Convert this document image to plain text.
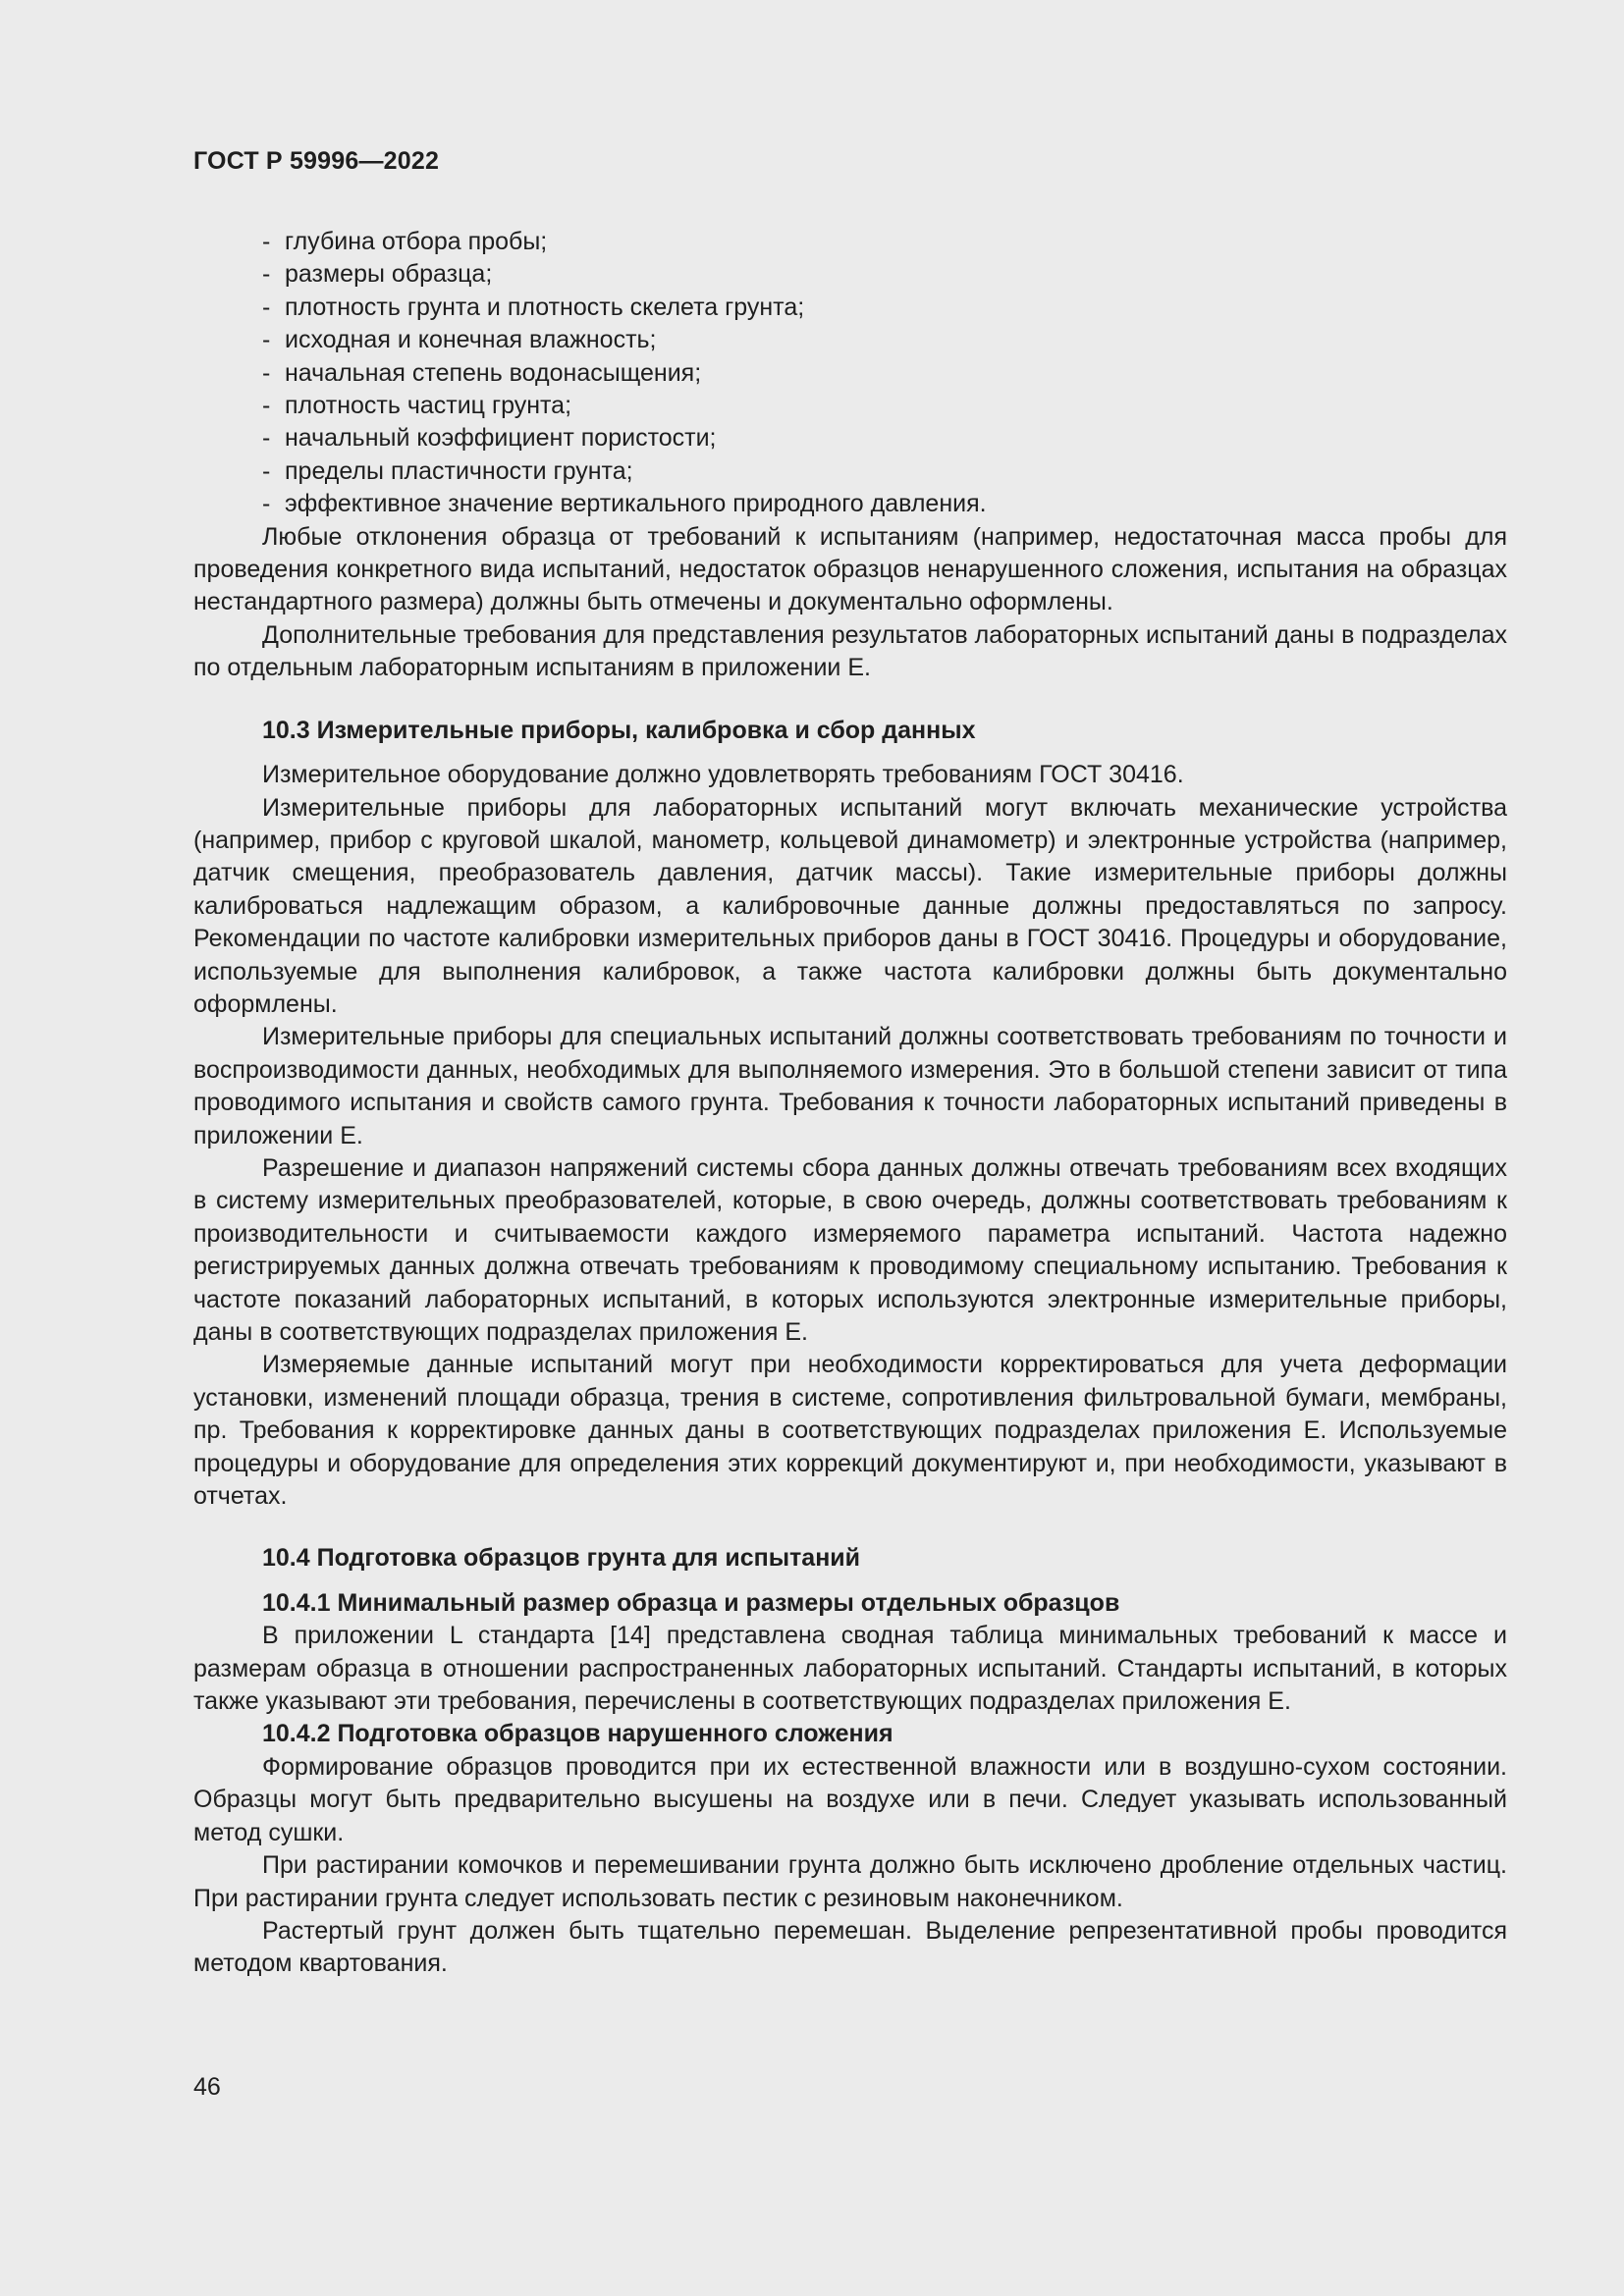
ГОСТ Р 59996—2022
- глубина отбора пробы;
- размеры образца;
- плотность грунта и плотность скелета грунта;
- исходная и конечная влажность;
- начальная степень водонасыщения;
- плотность частиц грунта;
- начальный коэффициент пористости;
- пределы пластичности грунта;
- эффективное значение вертикального природного давления.

Любые отклонения образца от требований к испытаниям (например, недостаточная масса пробы для проведения конкретного вида испытаний, недостаток образцов ненарушенного сложения, испытания на образцах нестандартного размера) должны быть отмечены и документально оформлены.

Дополнительные требования для представления результатов лабораторных испытаний даны в подразделах по отдельным лабораторным испытаниям в приложении Е.

10.3 Измерительные приборы, калибровка и сбор данных

Измерительное оборудование должно удовлетворять требованиям ГОСТ 30416.

Измерительные приборы для лабораторных испытаний могут включать механические устройства (например, прибор с круговой шкалой, манометр, кольцевой динамометр) и электронные устройства (например, датчик смещения, преобразователь давления, датчик массы). Такие измерительные приборы должны калиброваться надлежащим образом, а калибровочные данные должны предоставляться по запросу. Рекомендации по частоте калибровки измерительных приборов даны в ГОСТ 30416. Процедуры и оборудование, используемые для выполнения калибровок, а также частота калибровки должны быть документально оформлены.

Измерительные приборы для специальных испытаний должны соответствовать требованиям по точности и воспроизводимости данных, необходимых для выполняемого измерения. Это в большой степени зависит от типа проводимого испытания и свойств самого грунта. Требования к точности лабораторных испытаний приведены в приложении Е.

Разрешение и диапазон напряжений системы сбора данных должны отвечать требованиям всех входящих в систему измерительных преобразователей, которые, в свою очередь, должны соответствовать требованиям к производительности и считываемости каждого измеряемого параметра испытаний. Частота надежно регистрируемых данных должна отвечать требованиям к проводимому специальному испытанию. Требования к частоте показаний лабораторных испытаний, в которых используются электронные измерительные приборы, даны в соответствующих подразделах приложения Е.

Измеряемые данные испытаний могут при необходимости корректироваться для учета деформации установки, изменений площади образца, трения в системе, сопротивления фильтровальной бумаги, мембраны, пр. Требования к корректировке данных даны в соответствующих подразделах приложения Е. Используемые процедуры и оборудование для определения этих коррекций документируют и, при необходимости, указывают в отчетах.

10.4 Подготовка образцов грунта для испытаний
10.4.1 Минимальный размер образца и размеры отдельных образцов

В приложении L стандарта [14] представлена сводная таблица минимальных требований к массе и размерам образца в отношении распространенных лабораторных испытаний. Стандарты испытаний, в которых также указывают эти требования, перечислены в соответствующих подразделах приложения Е.

10.4.2 Подготовка образцов нарушенного сложения

Формирование образцов проводится при их естественной влажности или в воздушно-сухом состоянии. Образцы могут быть предварительно высушены на воздухе или в печи. Следует указывать использованный метод сушки.

При растирании комочков и перемешивании грунта должно быть исключено дробление отдельных частиц. При растирании грунта следует использовать пестик с резиновым наконечником.

Растертый грунт должен быть тщательно перемешан. Выделение репрезентативной пробы проводится методом квартования.

46
